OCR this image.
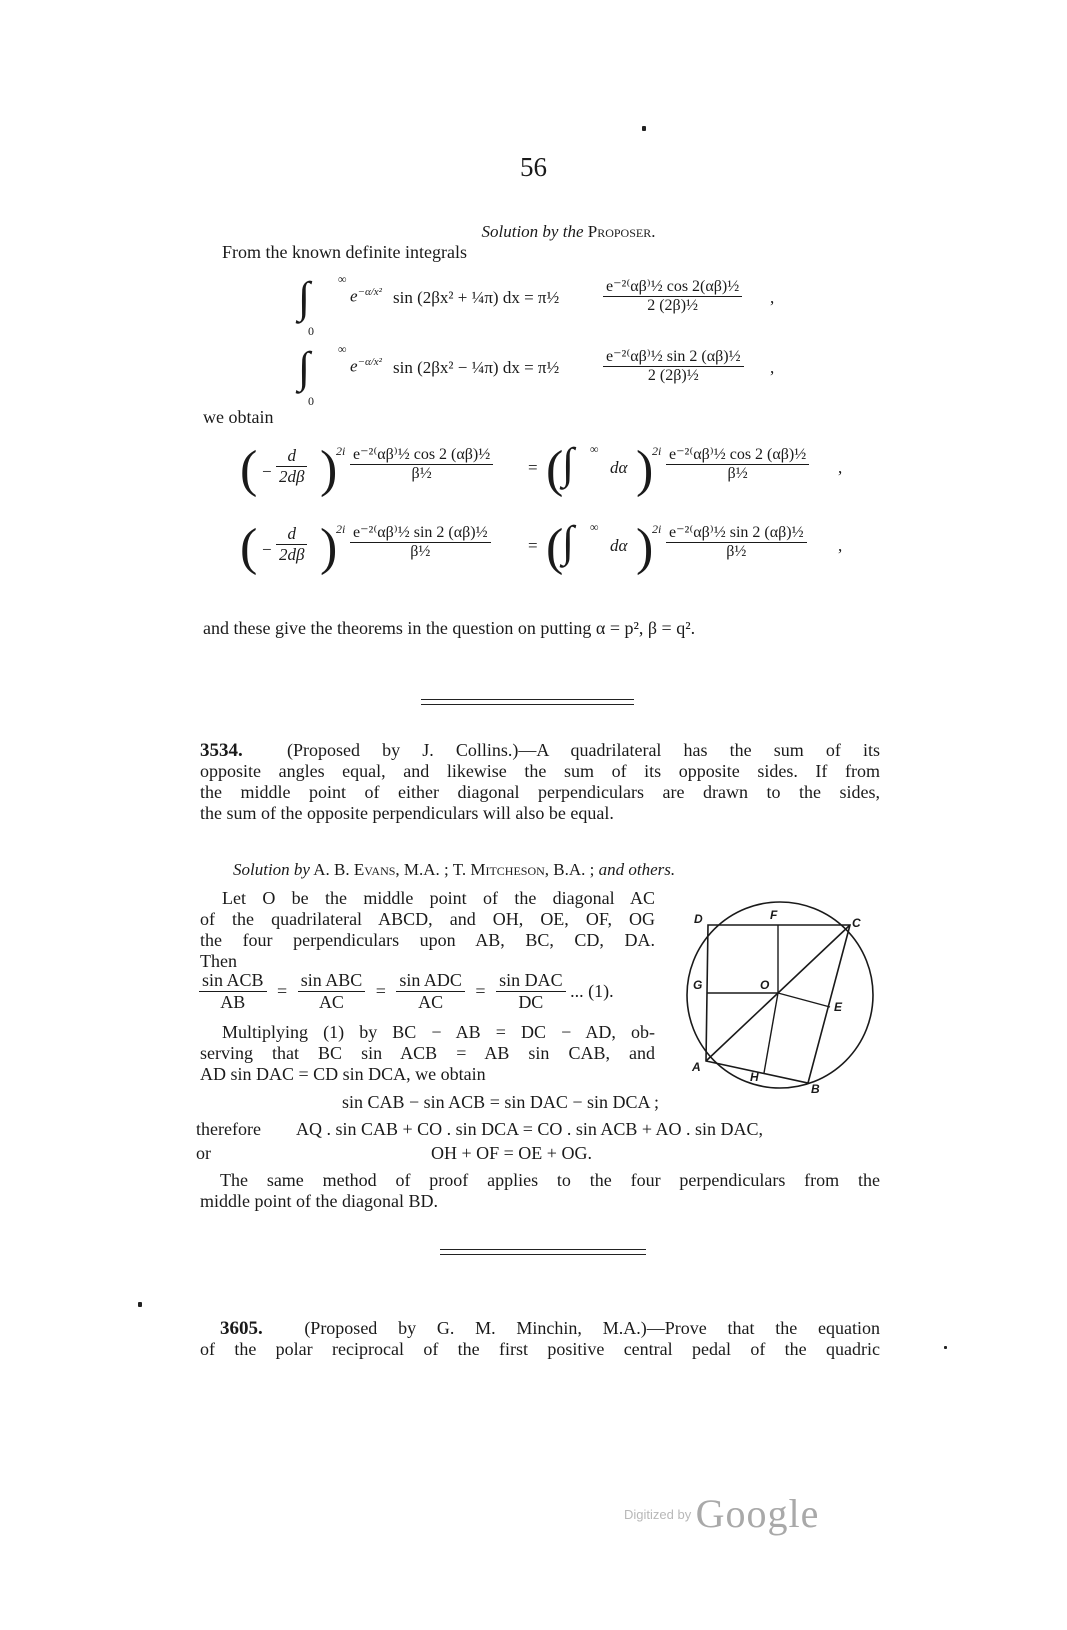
56
Solution by the Proposer.
From the known definite integrals
∫ ∞
0
$e^{-\alpha/x^2}$ sin (2βx² + ¼π) dx = π½	$\frac{\text{e⁻²⁽αβ⁾½ cos 2(αβ)½}}{\text{2 (2β)½}}$ ,
∫ ∞
0
$e^{-\alpha/x^2}$ sin (2βx² − ¼π) dx = π½	$\frac{\text{e⁻²⁽αβ⁾½ sin 2 (αβ)½}}{\text{2 (2β)½}}$ ,
we obtain
( − $\frac{d}{2d\beta}$ )
$2i \frac{\text{e⁻²⁽αβ⁾½ cos 2 (αβ)½}}{\text{β½}}$ = (
∫ ∞
dα )
$2i \frac{\text{e⁻²⁽αβ⁾½ cos 2 (αβ)½}}{\text{β½}}$ ,
( − $\frac{d}{2d\beta}$ )
$2i \frac{\text{e⁻²⁽αβ⁾½ sin 2 (αβ)½}}{\text{β½}}$ = (
∫ ∞
dα )
$2i \frac{\text{e⁻²⁽αβ⁾½ sin 2 (αβ)½}}{\text{β½}}$ ,
and these give the theorems in the question on putting α = p², β = q².
3534. (Proposed by J. Collins.)—A quadrilateral has the sum of its
opposite angles equal, and likewise the sum of its opposite sides. If from
the middle point of either diagonal perpendiculars are drawn to the sides,
the sum of the opposite perpendiculars will also be equal.
Solution by A. B. Evans, M.A. ; T. Mitcheson, B.A. ; and others.
Let O be the middle point of the diagonal AC
of the quadrilateral ABCD, and OH, OE, OF, OG
the four perpendiculars upon AB, BC, CD, DA.
Then
$\frac{\text{sin ACB}}{AB} = \frac{\text{sin ABC}}{AC} = \frac{\text{sin ADC}}{AC} = \frac{\text{sin DAC}}{DC}$ ... (1).
Multiplying (1) by BC − AB = DC − AD, ob-
serving that BC sin ACB = AB sin CAB, and
AD sin DAC = CD sin DCA, we obtain
sin CAB − sin ACB = sin DAC − sin DCA ;
therefore AQ . sin CAB + CO . sin DCA = CO . sin ACB + AO . sin DAC,
or	OH + OF = OE + OG.
The same method of proof applies to the four perpendiculars from the
middle point of the diagonal BD.
D	F
C
G	O
E
A
H
B
3605. (Proposed by G. M. Minchin, M.A.)—Prove that the equation
of the polar reciprocal of the first positive central pedal of the quadric
$^{Digitized by}$ Google
